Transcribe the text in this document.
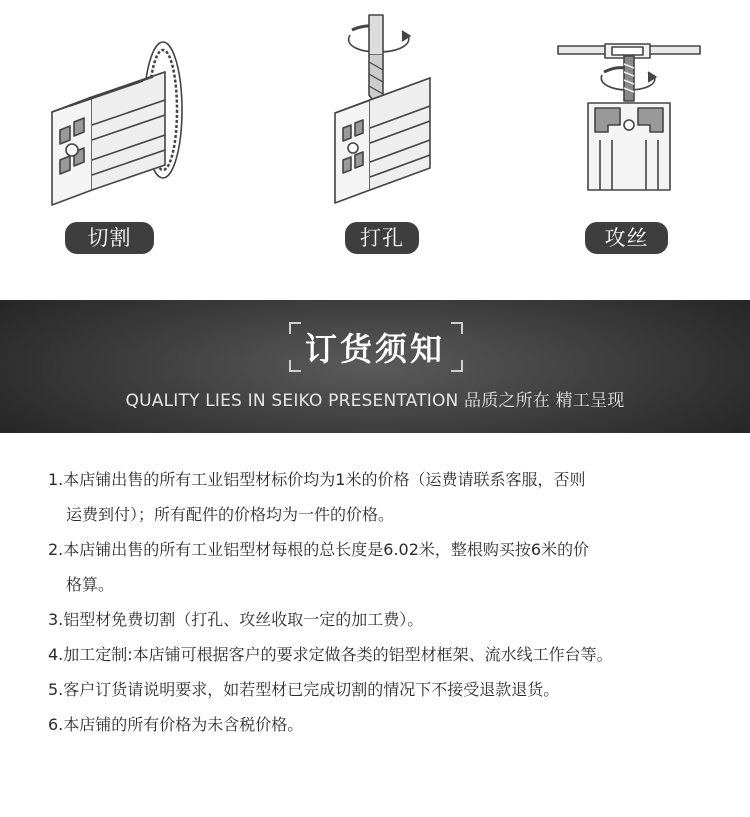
切割	打孔	攻丝
订货须知
QUALITY LIES IN SEIKO PRESENTATION 品质之所在 精工呈现
1.本店铺出售的所有工业铝型材标价均为1米的价格（运费请联系客服，否则
运费到付）；所有配件的价格均为一件的价格。
2.本店铺出售的所有工业铝型材每根的总长度是6.02米，整根购买按6米的价
格算。
3.铝型材免费切割（打孔、攻丝收取一定的加工费）。
4.加工定制:本店铺可根据客户的要求定做各类的铝型材框架、流水线工作台等。
5.客户订货请说明要求，如若型材已完成切割的情况下不接受退款退货。
6.本店铺的所有价格为未含税价格。
